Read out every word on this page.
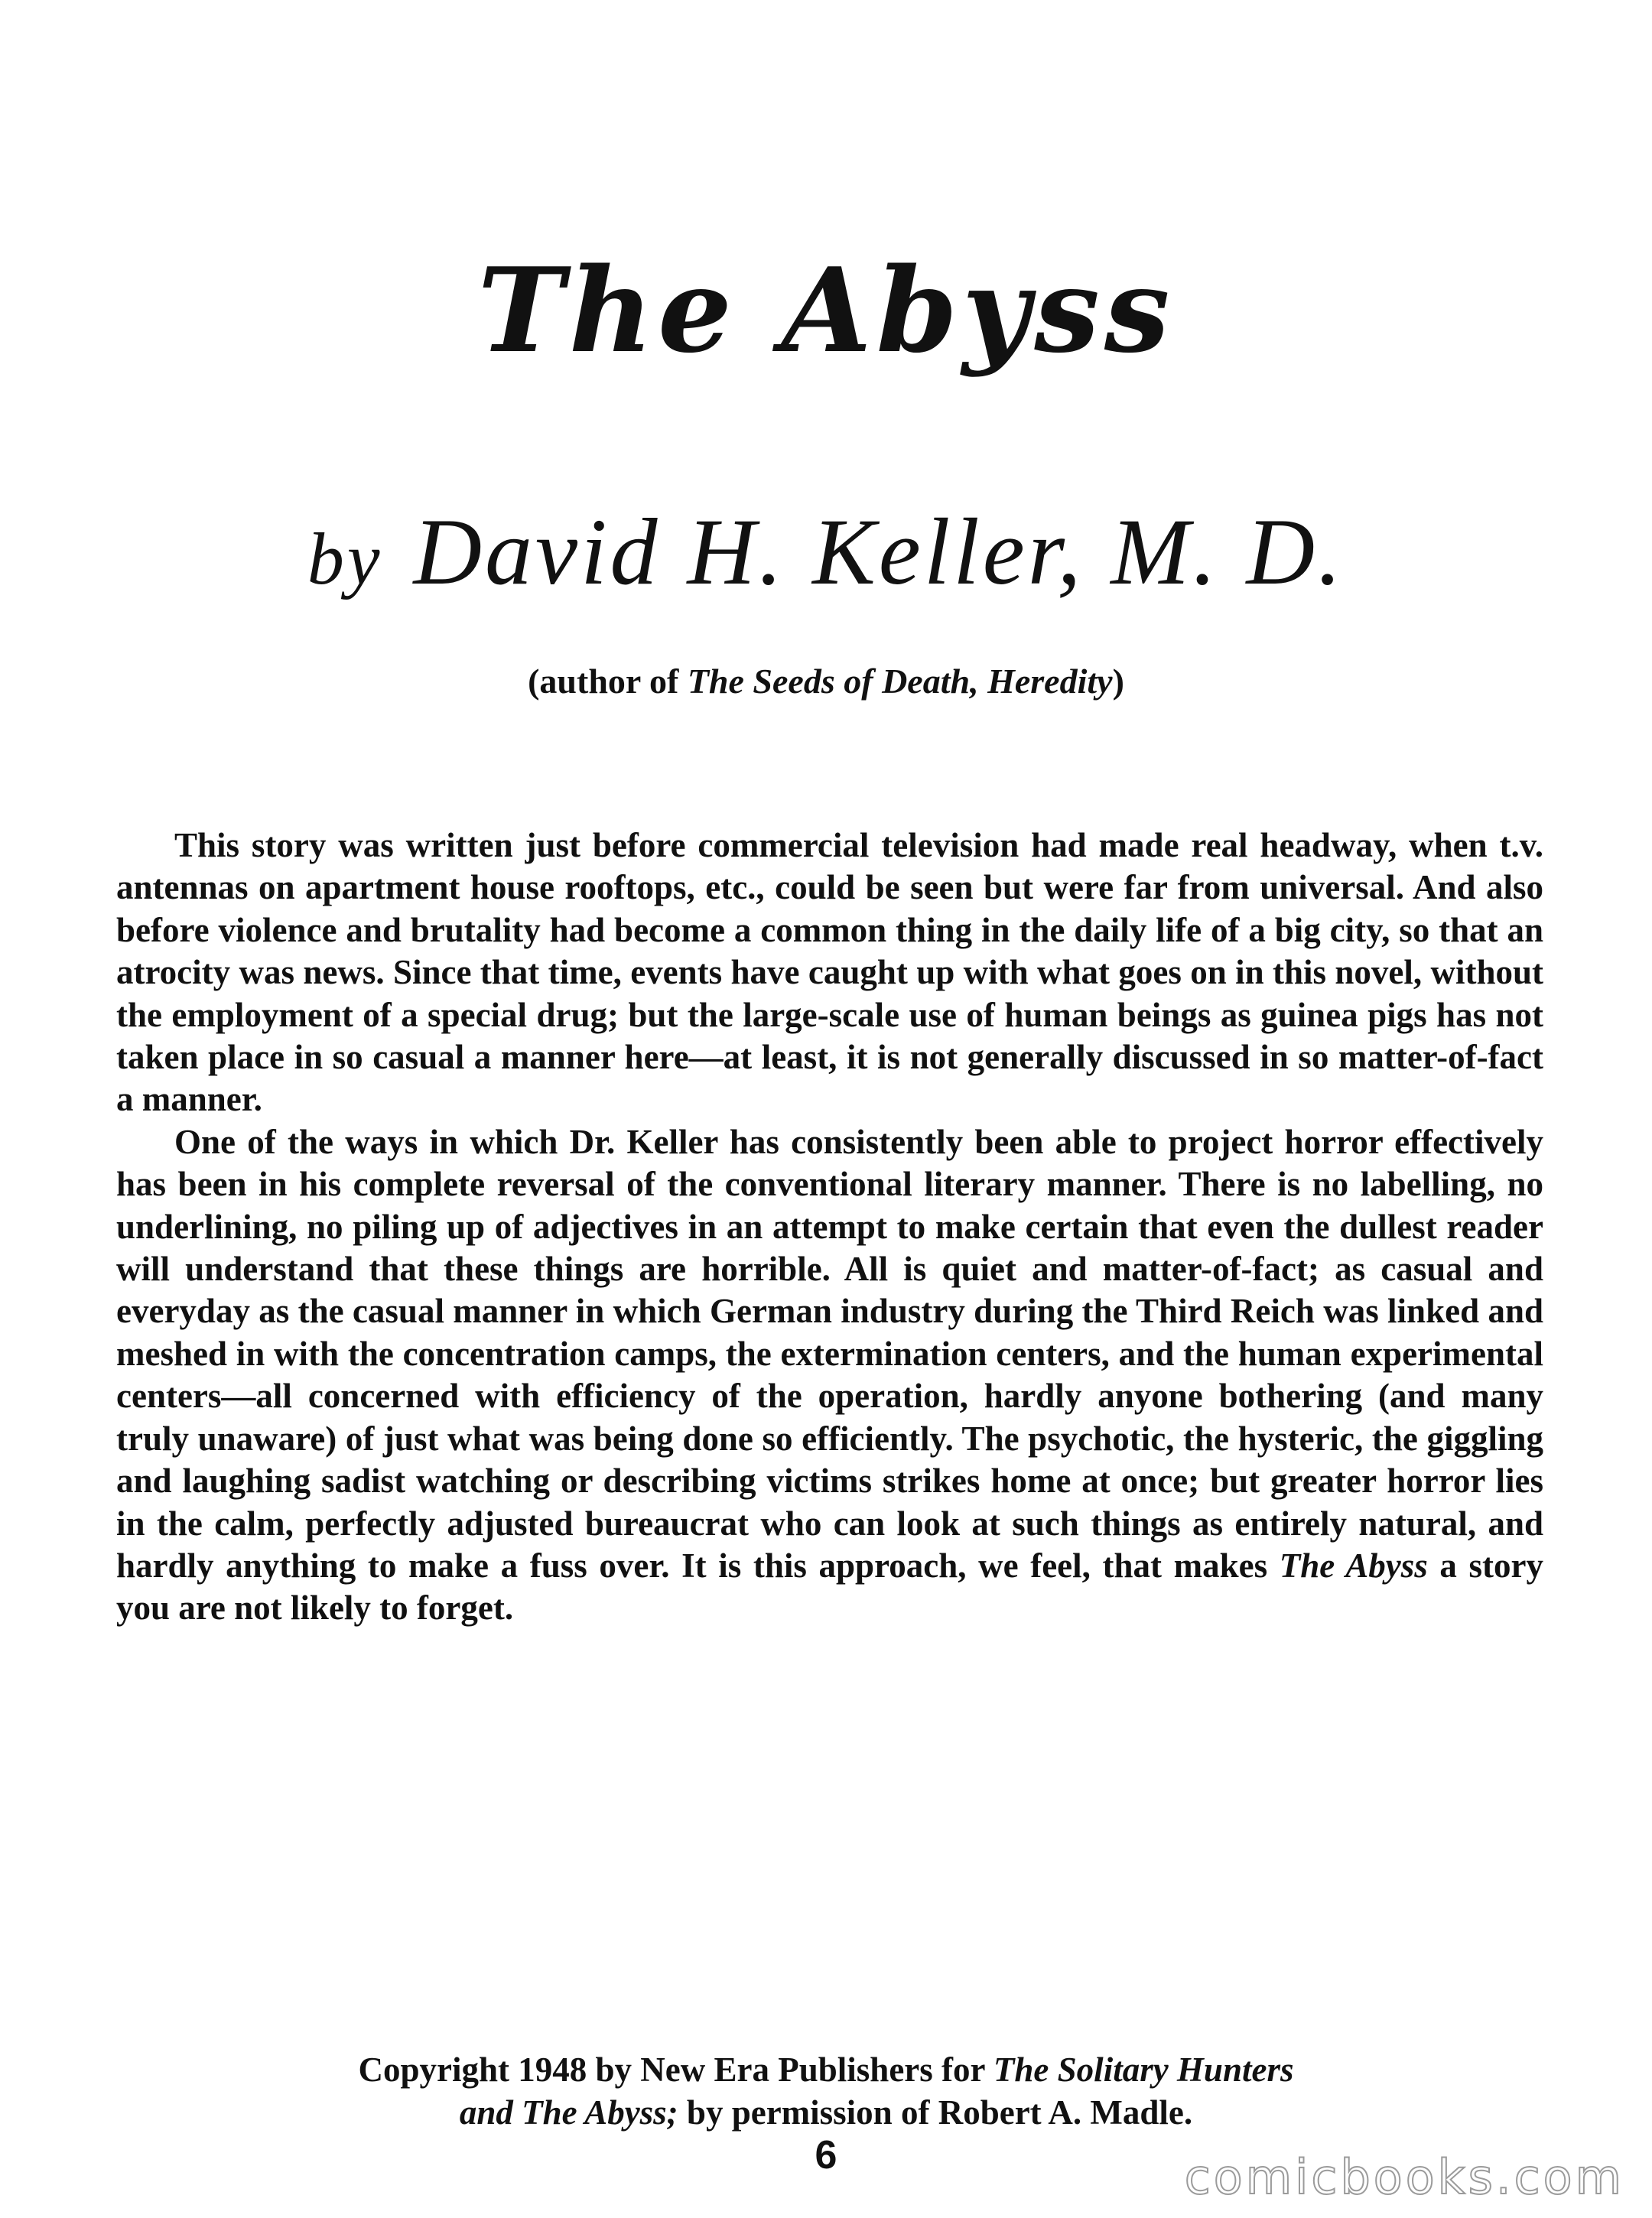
The Abyss
by David H. Keller, M. D.
(author of The Seeds of Death, Heredity)

This story was written just before commercial television had made real headway, when t.v. antennas on apartment house rooftops, etc., could be seen but were far from universal. And also before violence and brutality had become a common thing in the daily life of a big city, so that an atrocity was news. Since that time, events have caught up with what goes on in this novel, without the employment of a special drug; but the large-scale use of human beings as guinea pigs has not taken place in so casual a manner here—at least, it is not generally discussed in so matter-of-fact a manner.

One of the ways in which Dr. Keller has consistently been able to project horror effectively has been in his complete reversal of the conventional literary manner. There is no labelling, no underlining, no piling up of adjectives in an attempt to make certain that even the dullest reader will understand that these things are horrible. All is quiet and matter-of-fact; as casual and everyday as the casual manner in which German industry during the Third Reich was linked and meshed in with the concentration camps, the extermination centers, and the human experimental centers—all concerned with efficiency of the operation, hardly anyone bothering (and many truly unaware) of just what was being done so efficiently. The psychotic, the hysteric, the giggling and laughing sadist watching or describing victims strikes home at once; but greater horror lies in the calm, perfectly adjusted bureaucrat who can look at such things as entirely natural, and hardly anything to make a fuss over. It is this approach, we feel, that makes The Abyss a story you are not likely to forget.

Copyright 1948 by New Era Publishers for The Solitary Hunters
and The Abyss; by permission of Robert A. Madle.
6	comicbooks.com
